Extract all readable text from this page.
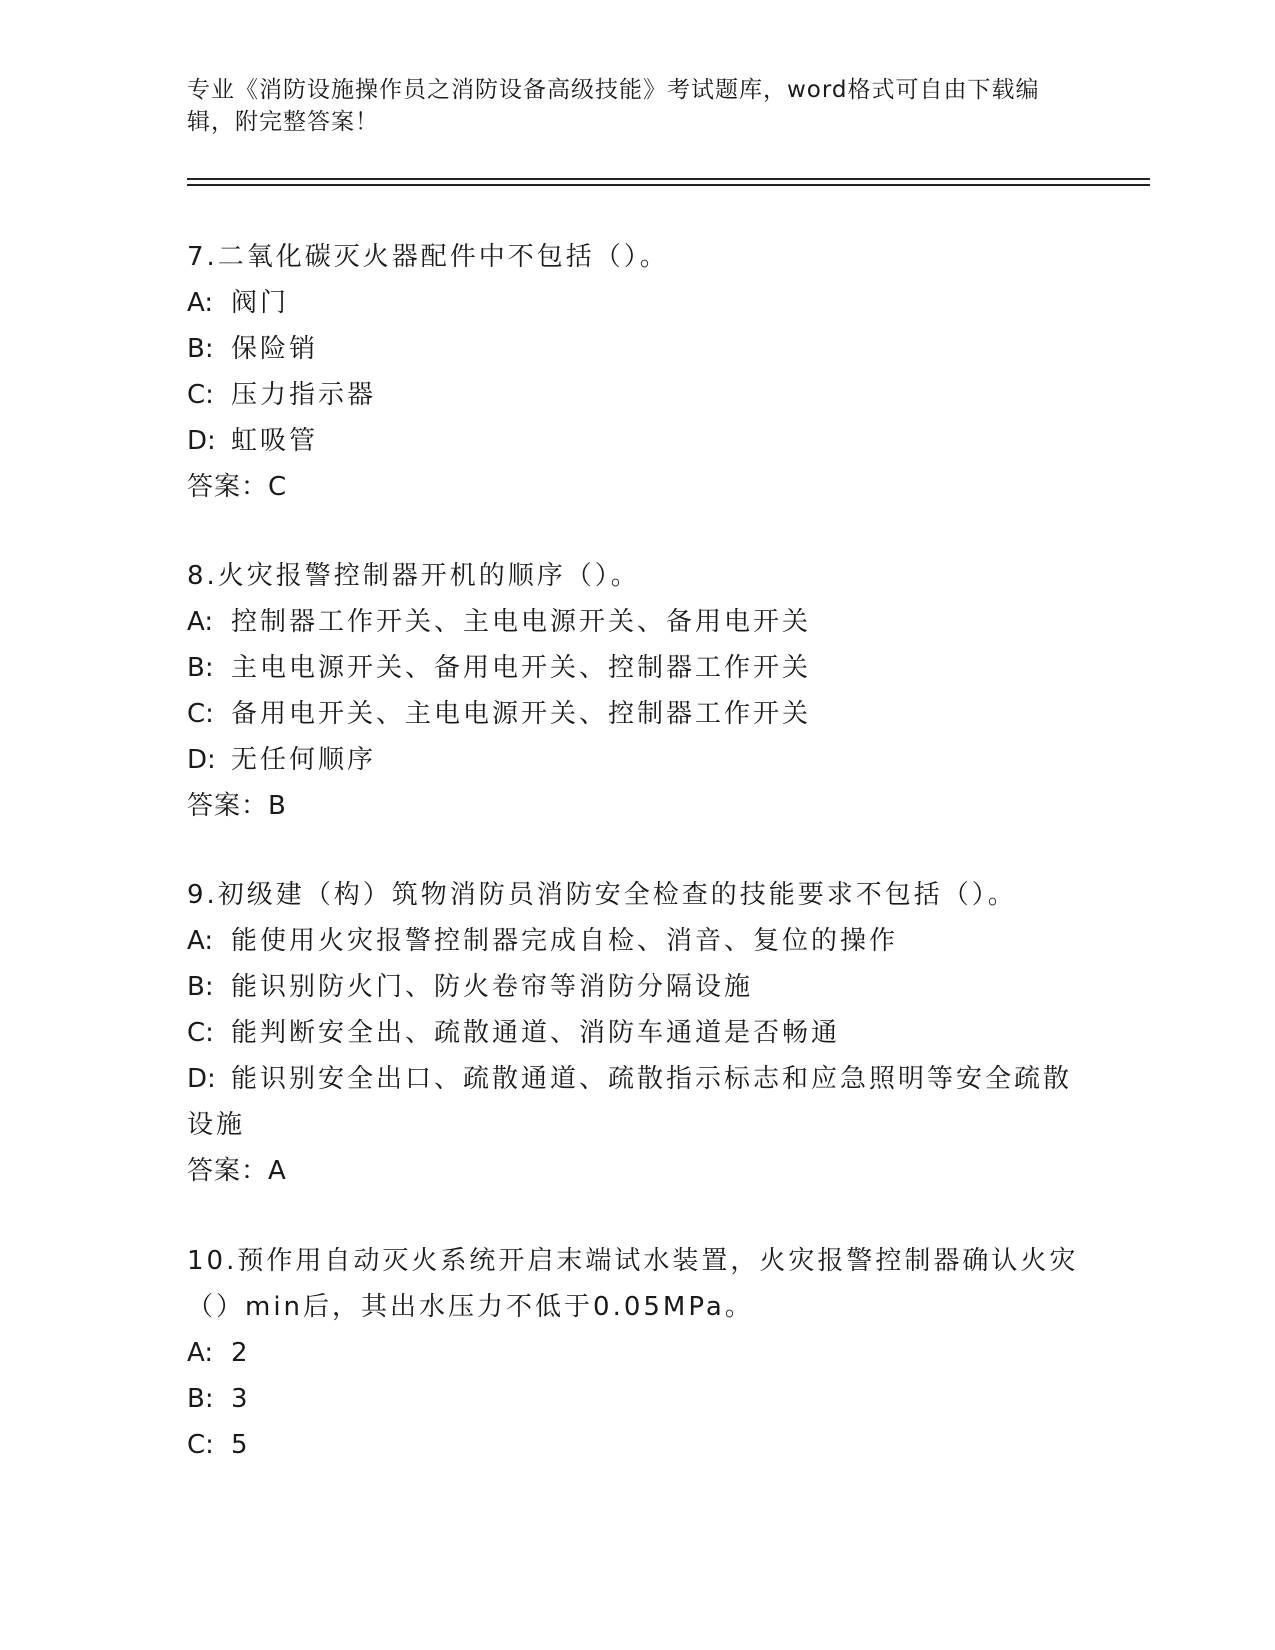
专业《消防设施操作员之消防设备高级技能》考试题库，word格式可自由下载编
辑，附完整答案！
7.二氧化碳灭火器配件中不包括（）。
A: 阀门
B: 保险销
C: 压力指示器
D: 虹吸管
答案：C
8.火灾报警控制器开机的顺序（）。
A: 控制器工作开关、主电电源开关、备用电开关
B: 主电电源开关、备用电开关、控制器工作开关
C: 备用电开关、主电电源开关、控制器工作开关
D: 无任何顺序
答案：B
9.初级建（构）筑物消防员消防安全检查的技能要求不包括（）。
A: 能使用火灾报警控制器完成自检、消音、复位的操作
B: 能识别防火门、防火卷帘等消防分隔设施
C: 能判断安全出、疏散通道、消防车通道是否畅通
D: 能识别安全出口、疏散通道、疏散指示标志和应急照明等安全疏散设施
答案：A
10.预作用自动灭火系统开启末端试水装置，火灾报警控制器确认火灾（）min后，其出水压力不低于0.05MPa。
A: 2
B: 3
C: 5
